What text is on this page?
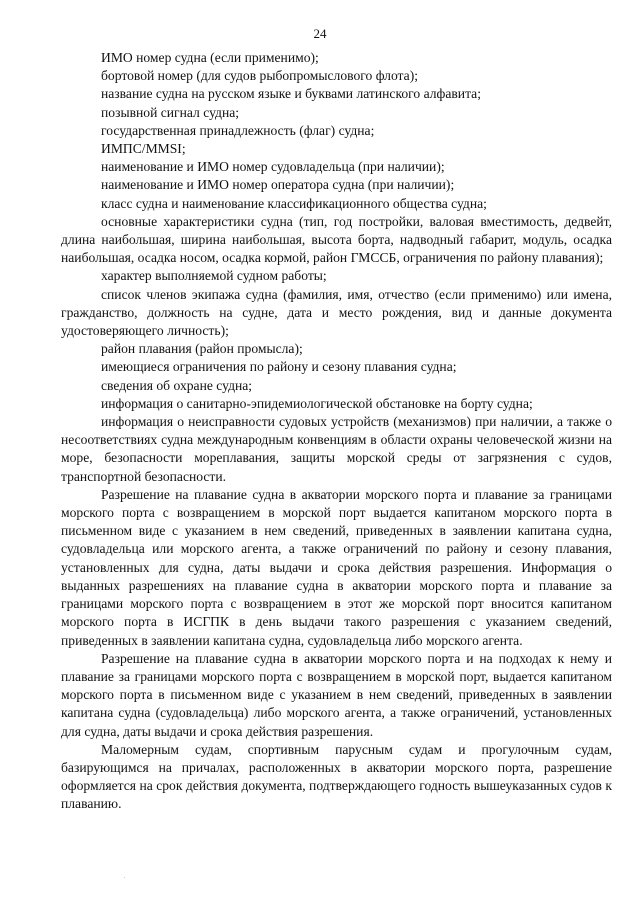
24

ИМО номер судна (если применимо);

бортовой номер (для судов рыбопромыслового флота);

название судна на русском языке и буквами латинского алфавита;

позывной сигнал судна;

государственная принадлежность (флаг) судна;

ИМПС/MMSI;

наименование и ИМО номер судовладельца (при наличии);

наименование и ИМО номер оператора судна (при наличии);

класс судна и наименование классификационного общества судна;

основные характеристики судна (тип, год постройки, валовая вместимость, дедвейт, длина наибольшая, ширина наибольшая, высота борта, надводный габарит, модуль, осадка наибольшая, осадка носом, осадка кормой, район ГМССБ, ограничения по району плавания);

характер выполняемой судном работы;

список членов экипажа судна (фамилия, имя, отчество (если применимо) или имена, гражданство, должность на судне, дата и место рождения, вид и данные документа удостоверяющего личность);

район плавания (район промысла);

имеющиеся ограничения по району и сезону плавания судна;

сведения об охране судна;

информация о санитарно-эпидемиологической обстановке на борту судна;

информация о неисправности судовых устройств (механизмов) при наличии, а также о несоответствиях судна международным конвенциям в области охраны человеческой жизни на море, безопасности мореплавания, защиты морской среды от загрязнения с судов, транспортной безопасности.

Разрешение на плавание судна в акватории морского порта и плавание за границами морского порта с возвращением в морской порт выдается капитаном морского порта в письменном виде с указанием в нем сведений, приведенных в заявлении капитана судна, судовладельца или морского агента, а также ограничений по району и сезону плавания, установленных для судна, даты выдачи и срока действия разрешения. Информация о выданных разрешениях на плавание судна в акватории морского порта и плавание за границами морского порта с возвращением в этот же морской порт вносится капитаном морского порта в ИСГПК в день выдачи такого разрешения с указанием сведений, приведенных в заявлении капитана судна, судовладельца либо морского агента.

Разрешение на плавание судна в акватории морского порта и на подходах к нему и плавание за границами морского порта с возвращением в морской порт, выдается капитаном морского порта в письменном виде с указанием в нем сведений, приведенных в заявлении капитана судна (судовладельца) либо морского агента, а также ограничений, установленных для судна, даты выдачи и срока действия разрешения.

Маломерным судам, спортивным парусным судам и прогулочным судам, базирующимся на причалах, расположенных в акватории морского порта, разрешение оформляется на срок действия документа, подтверждающего годность вышеуказанных судов к плаванию.

.
